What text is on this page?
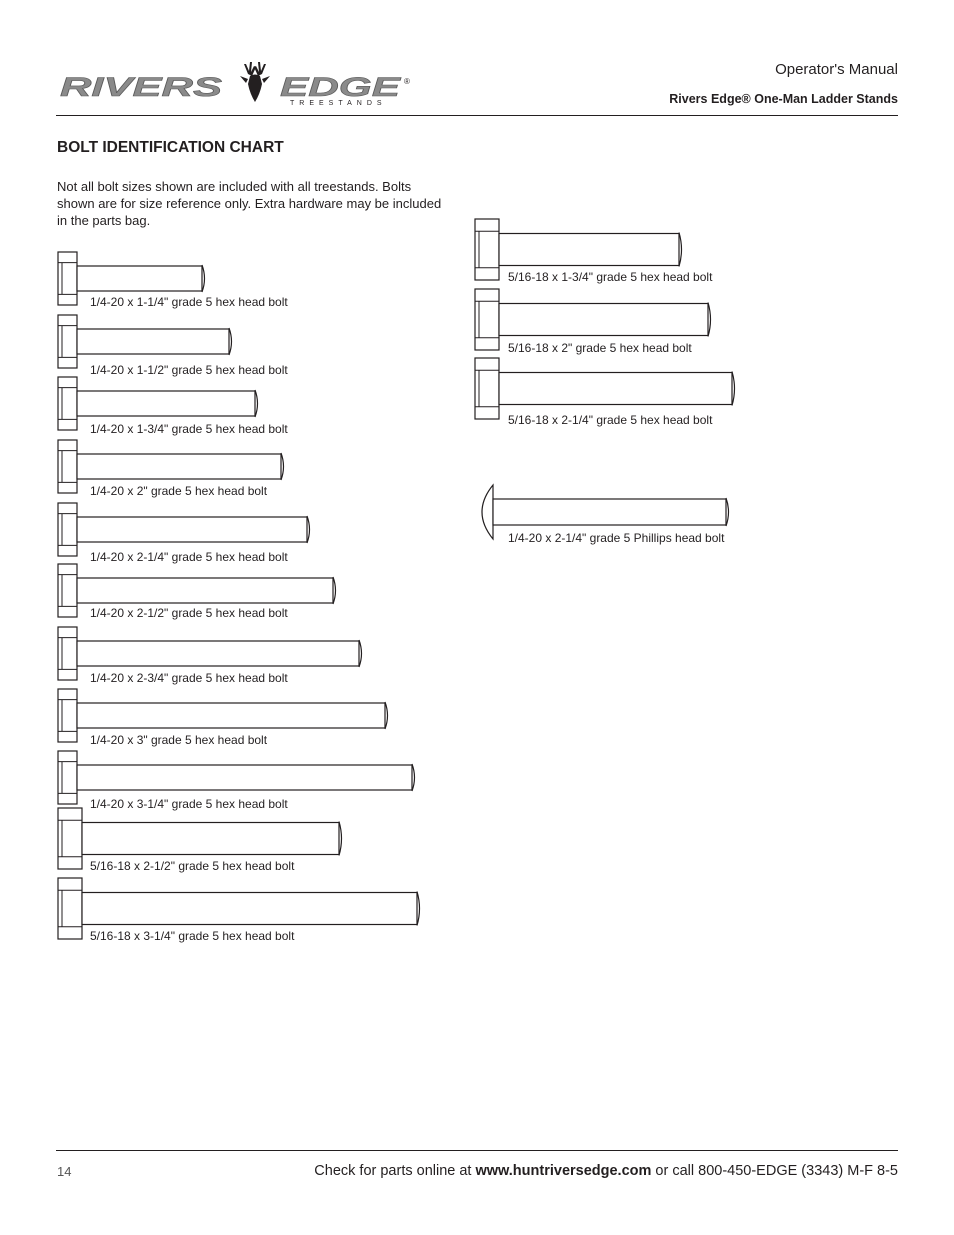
RIVERS EDGE ®
TREESTANDS
Operator's Manual
Rivers Edge® One-Man Ladder Stands
BOLT IDENTIFICATION CHART

Not all bolt sizes shown are included with all treestands. Bolts shown are for size reference only. Extra hardware may be included in the parts bag.

1/4-20 x 1-1/4" grade 5 hex head bolt
1/4-20 x 1-1/2" grade 5 hex head bolt
1/4-20 x 1-3/4" grade 5 hex head bolt
1/4-20 x 2" grade 5 hex head bolt
1/4-20 x 2-1/4" grade 5 hex head bolt
1/4-20 x 2-1/2" grade 5 hex head bolt
1/4-20 x 2-3/4" grade 5 hex head bolt
1/4-20 x 3" grade 5 hex head bolt
1/4-20 x 3-1/4" grade 5 hex head bolt
5/16-18 x 2-1/2" grade 5 hex head bolt
5/16-18 x 3-1/4" grade 5 hex head bolt
5/16-18 x 1-3/4" grade 5 hex head bolt
5/16-18 x 2" grade 5 hex head bolt
5/16-18 x 2-1/4" grade 5 hex head bolt
1/4-20 x 2-1/4" grade 5 Phillips head bolt
14	Check for parts online at www.huntriversedge.com or call 800-450-EDGE (3343) M-F 8-5
